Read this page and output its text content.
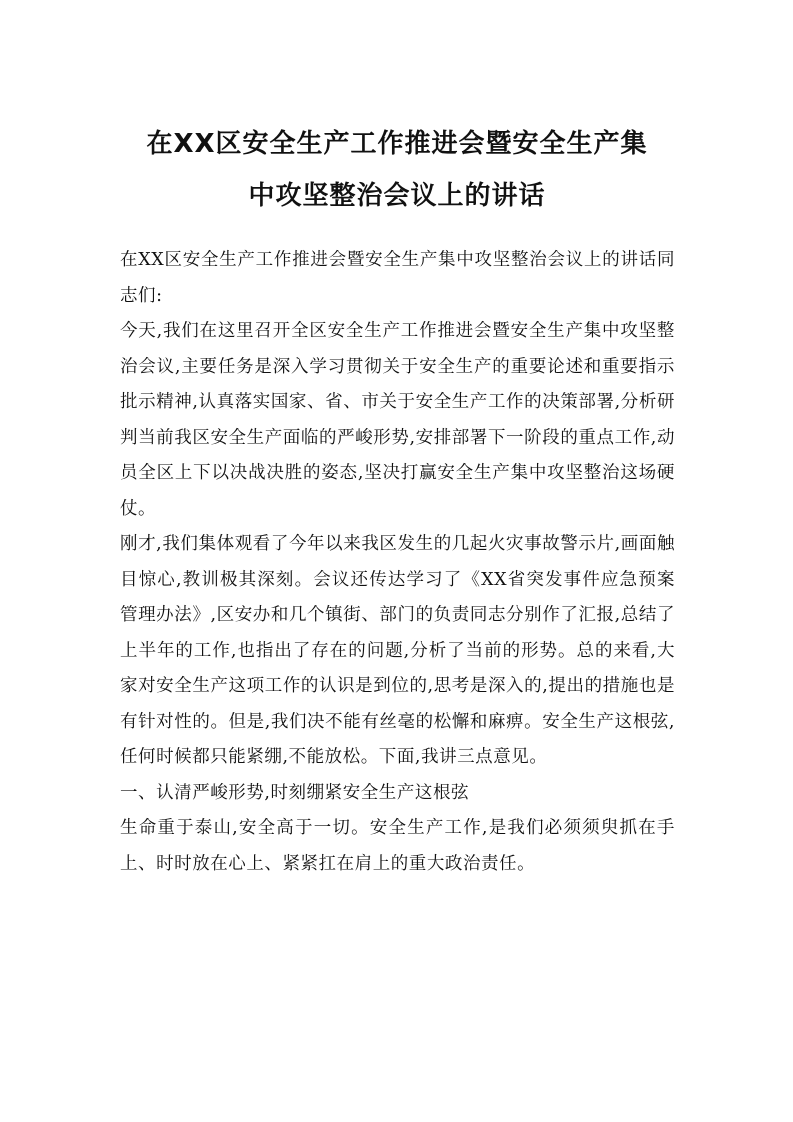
在XX区安全生产工作推进会暨安全生产集
中攻坚整治会议上的讲话

在XX区安全生产工作推进会暨安全生产集中攻坚整治会议上的讲话同志们:

今天,我们在这里召开全区安全生产工作推进会暨安全生产集中攻坚整治会议,主要任务是深入学习贯彻关于安全生产的重要论述和重要指示批示精神,认真落实国家、省、市关于安全生产工作的决策部署,分析研判当前我区安全生产面临的严峻形势,安排部署下一阶段的重点工作,动员全区上下以决战决胜的姿态,坚决打赢安全生产集中攻坚整治这场硬仗。

刚才,我们集体观看了今年以来我区发生的几起火灾事故警示片,画面触目惊心,教训极其深刻。会议还传达学习了《XX省突发事件应急预案管理办法》,区安办和几个镇街、部门的负责同志分别作了汇报,总结了上半年的工作,也指出了存在的问题,分析了当前的形势。总的来看,大家对安全生产这项工作的认识是到位的,思考是深入的,提出的措施也是有针对性的。但是,我们决不能有丝毫的松懈和麻痹。安全生产这根弦,任何时候都只能紧绷,不能放松。下面,我讲三点意见。

一、认清严峻形势,时刻绷紧安全生产这根弦

生命重于泰山,安全高于一切。安全生产工作,是我们必须须臾抓在手上、时时放在心上、紧紧扛在肩上的重大政治责任。
